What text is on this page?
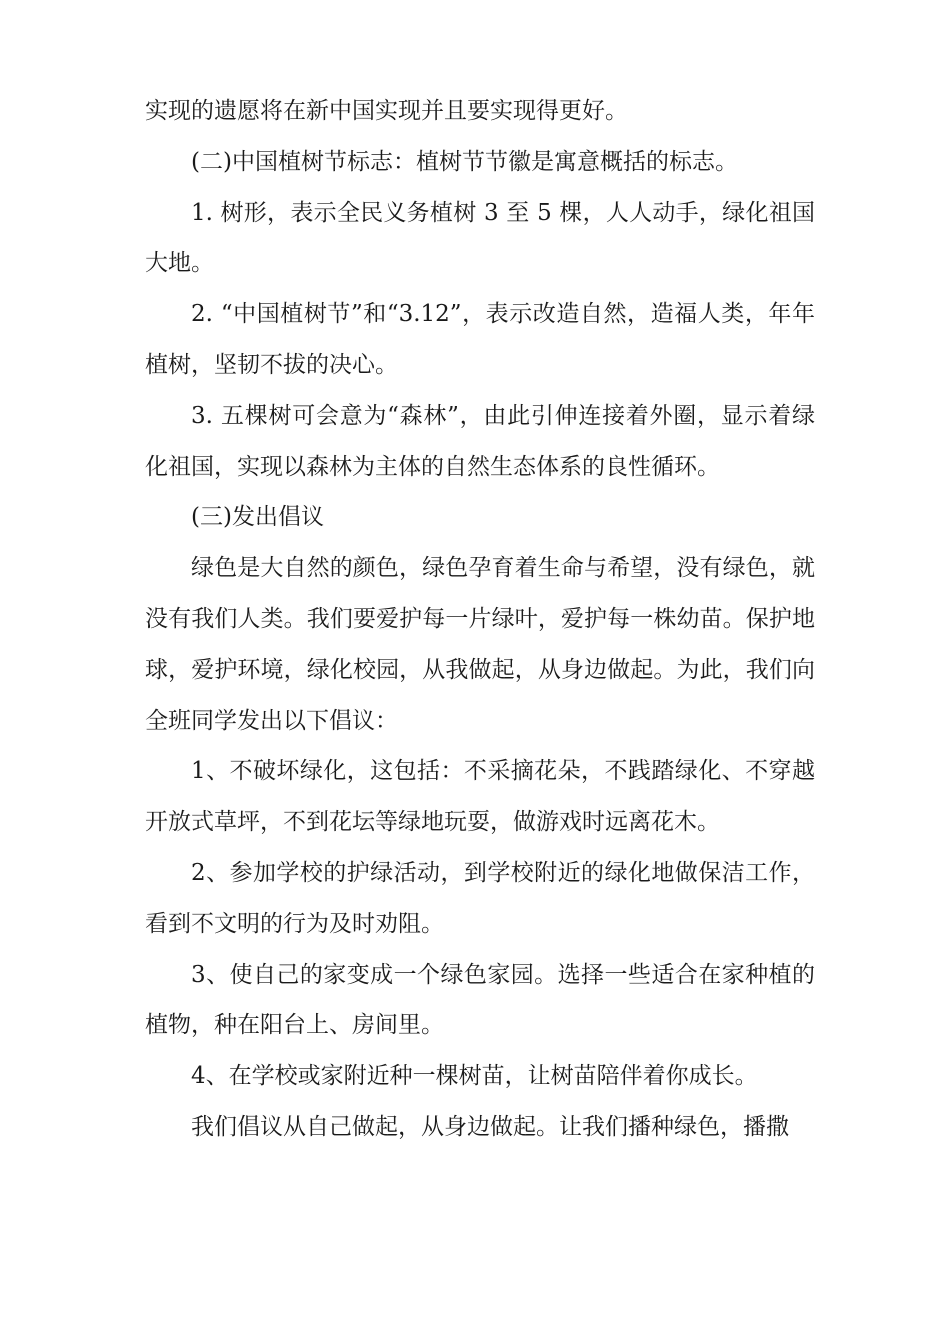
实现的遗愿将在新中国实现并且要实现得更好。

(二)中国植树节标志：植树节节徽是寓意概括的标志。

1. 树形，表示全民义务植树 3 至 5 棵，人人动手，绿化祖国大地。

2. “中国植树节”和“3.12”，表示改造自然，造福人类，年年植树，坚韧不拔的决心。

3. 五棵树可会意为“森林”，由此引伸连接着外圈，显示着绿化祖国，实现以森林为主体的自然生态体系的良性循环。

(三)发出倡议

绿色是大自然的颜色，绿色孕育着生命与希望，没有绿色，就没有我们人类。我们要爱护每一片绿叶，爱护每一株幼苗。保护地球，爱护环境，绿化校园，从我做起，从身边做起。为此，我们向全班同学发出以下倡议：

1、不破坏绿化，这包括：不采摘花朵，不践踏绿化、不穿越开放式草坪，不到花坛等绿地玩耍，做游戏时远离花木。

2、参加学校的护绿活动，到学校附近的绿化地做保洁工作，看到不文明的行为及时劝阻。

3、使自己的家变成一个绿色家园。选择一些适合在家种植的植物，种在阳台上、房间里。

4、在学校或家附近种一棵树苗，让树苗陪伴着你成长。

我们倡议从自己做起，从身边做起。让我们播种绿色，播撒
